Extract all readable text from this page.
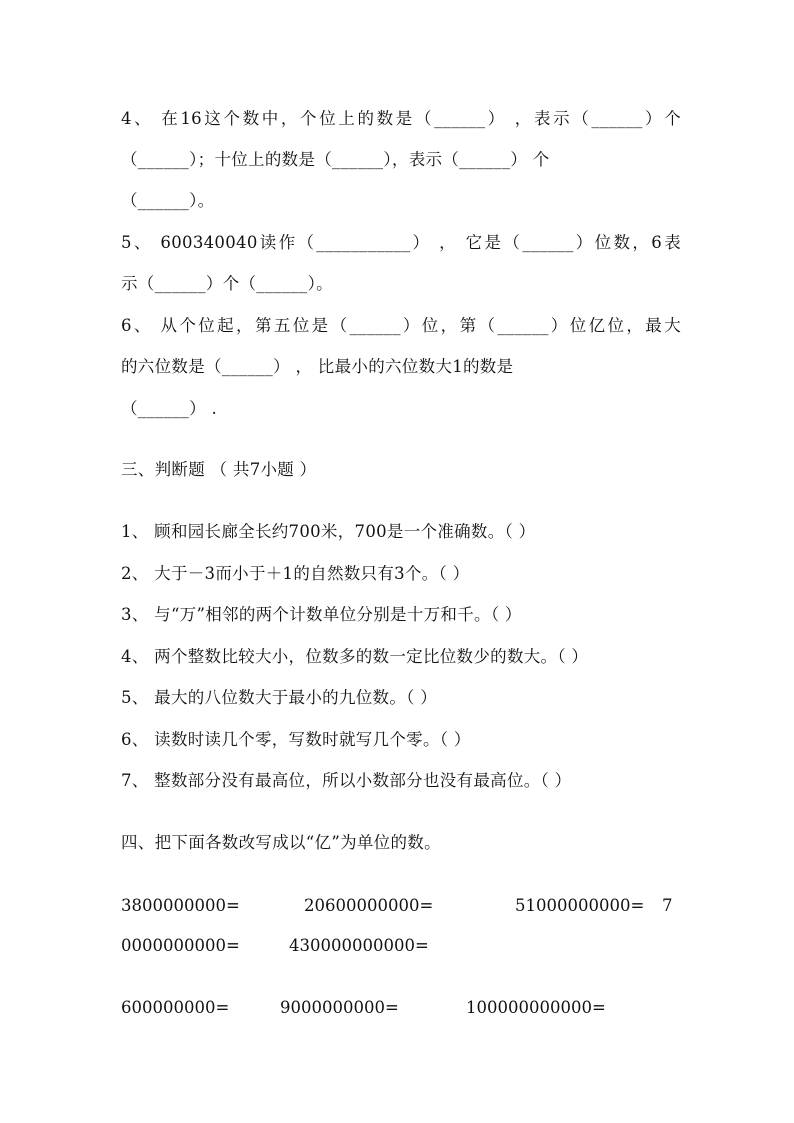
4、 在16这个数中，个位上的数是（______） ，表示（______）个
（______）；十位上的数是（______），表示（______） 个
（______）。
5、 600340040读作（___________） ， 它是（______）位数，6表
示（______）个（______）。
6、 从个位起，第五位是（______）位，第（______）位亿位，最大
的六位数是（______） ， 比最小的六位数大1的数是
（______） .
三、判断题 （ 共7小题 ）
1、 顾和园长廊全长约700米，700是一个准确数。（ ）
2、 大于－3而小于＋1的自然数只有3个。（ ）
3、 与“万”相邻的两个计数单位分别是十万和千。（ ）
4、 两个整数比较大小，位数多的数一定比位数少的数大。（ ）
5、 最大的八位数大于最小的九位数。（ ）
6、 读数时读几个零，写数时就写几个零。（ ）
7、 整数部分没有最高位，所以小数部分也没有最高位。（ ）
四、把下面各数改写成以“亿”为单位的数。
3800000000=	20600000000=	51000000000= 7
0000000000=	430000000000=
600000000=	9000000000=	100000000000=
